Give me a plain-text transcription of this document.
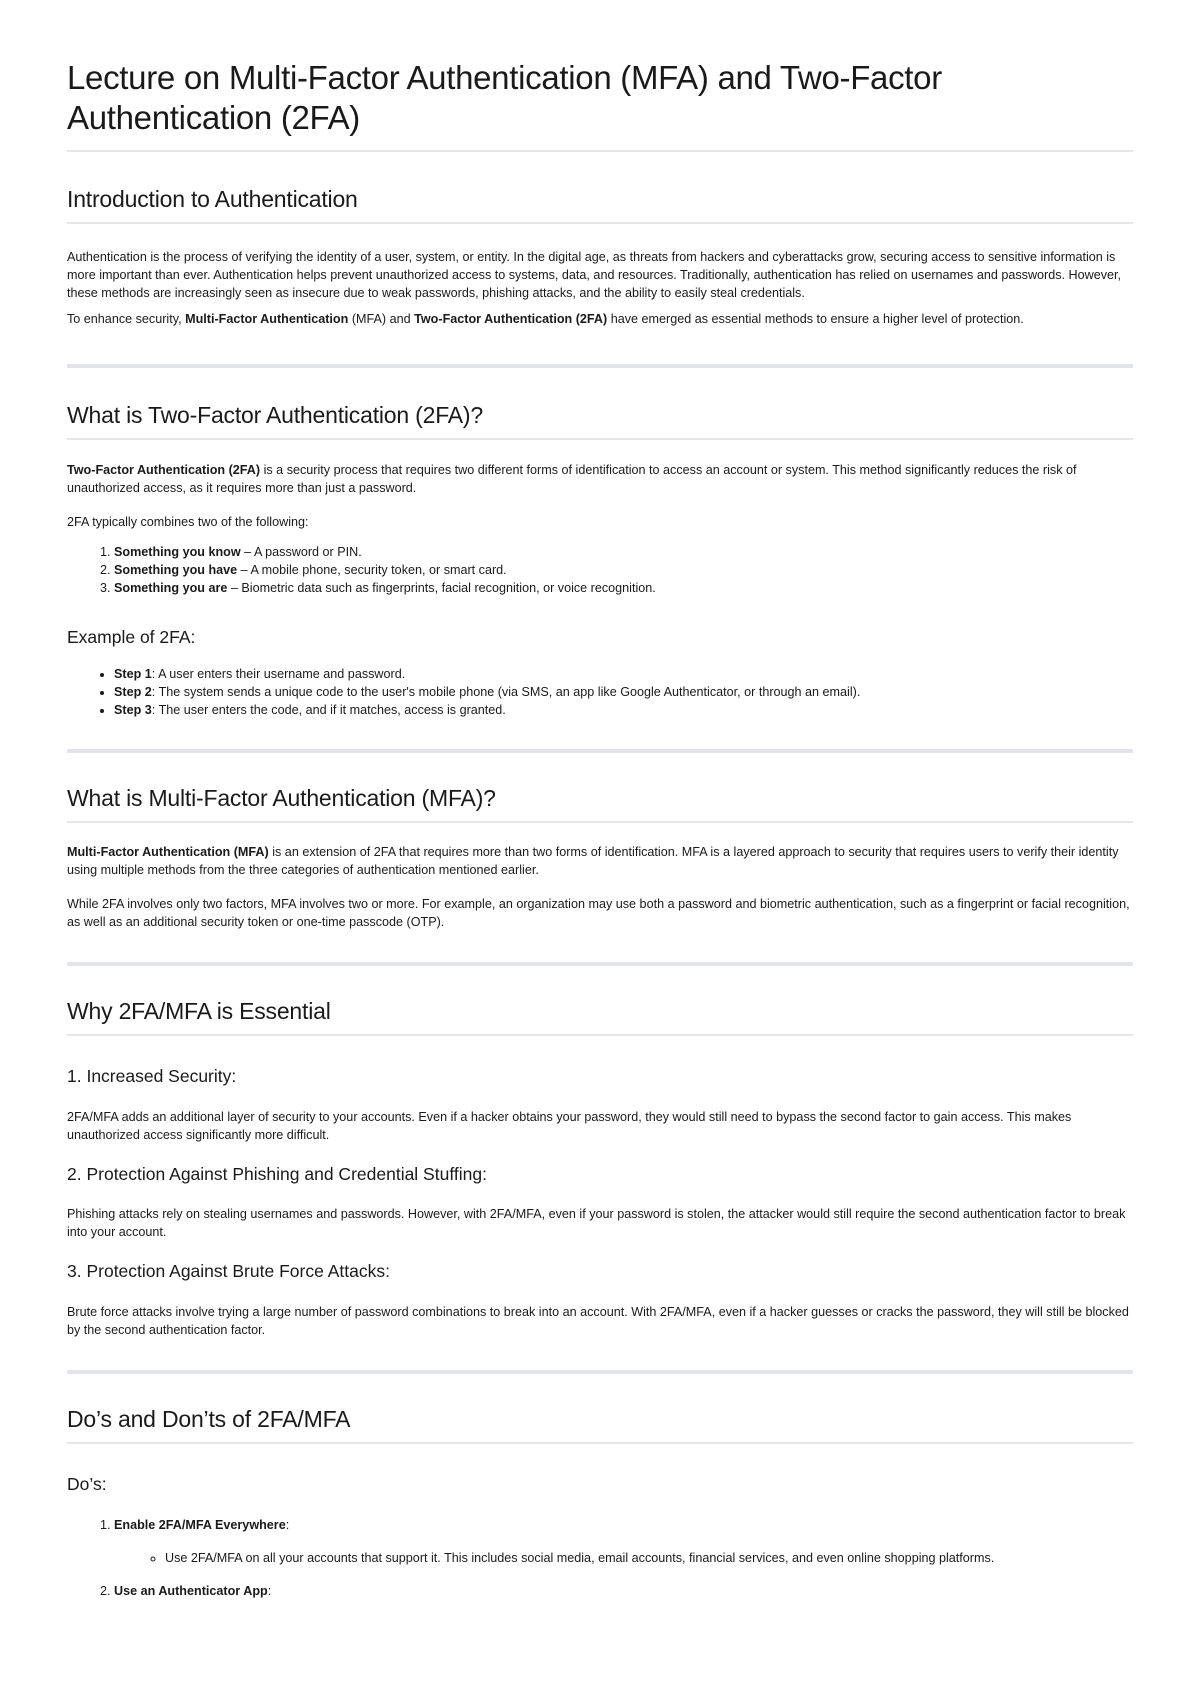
Lecture on Multi-Factor Authentication (MFA) and Two-Factor Authentication (2FA)
Introduction to Authentication

Authentication is the process of verifying the identity of a user, system, or entity. In the digital age, as threats from hackers and cyberattacks grow, securing access to sensitive information is more important than ever. Authentication helps prevent unauthorized access to systems, data, and resources. Traditionally, authentication has relied on usernames and passwords. However, these methods are increasingly seen as insecure due to weak passwords, phishing attacks, and the ability to easily steal credentials.

To enhance security, Multi-Factor Authentication (MFA) and Two-Factor Authentication (2FA) have emerged as essential methods to ensure a higher level of protection.

What is Two-Factor Authentication (2FA)?

Two-Factor Authentication (2FA) is a security process that requires two different forms of identification to access an account or system. This method significantly reduces the risk of unauthorized access, as it requires more than just a password.

2FA typically combines two of the following:

1. Something you know – A password or PIN.
2. Something you have – A mobile phone, security token, or smart card.
3. Something you are – Biometric data such as fingerprints, facial recognition, or voice recognition.
Example of 2FA:
• Step 1: A user enters their username and password.
• Step 2: The system sends a unique code to the user's mobile phone (via SMS, an app like Google Authenticator, or through an email).
• Step 3: The user enters the code, and if it matches, access is granted.
What is Multi-Factor Authentication (MFA)?

Multi-Factor Authentication (MFA) is an extension of 2FA that requires more than two forms of identification. MFA is a layered approach to security that requires users to verify their identity using multiple methods from the three categories of authentication mentioned earlier.

While 2FA involves only two factors, MFA involves two or more. For example, an organization may use both a password and biometric authentication, such as a fingerprint or facial recognition, as well as an additional security token or one-time passcode (OTP).

Why 2FA/MFA is Essential
1. Increased Security:

2FA/MFA adds an additional layer of security to your accounts. Even if a hacker obtains your password, they would still need to bypass the second factor to gain access. This makes unauthorized access significantly more difficult.

2. Protection Against Phishing and Credential Stuffing:

Phishing attacks rely on stealing usernames and passwords. However, with 2FA/MFA, even if your password is stolen, the attacker would still require the second authentication factor to break into your account.

3. Protection Against Brute Force Attacks:

Brute force attacks involve trying a large number of password combinations to break into an account. With 2FA/MFA, even if a hacker guesses or cracks the password, they will still be blocked by the second authentication factor.

Do’s and Don’ts of 2FA/MFA
Do’s:
1. Enable 2FA/MFA Everywhere:
◦ Use 2FA/MFA on all your accounts that support it. This includes social media, email accounts, financial services, and even online shopping platforms.
2. Use an Authenticator App:
